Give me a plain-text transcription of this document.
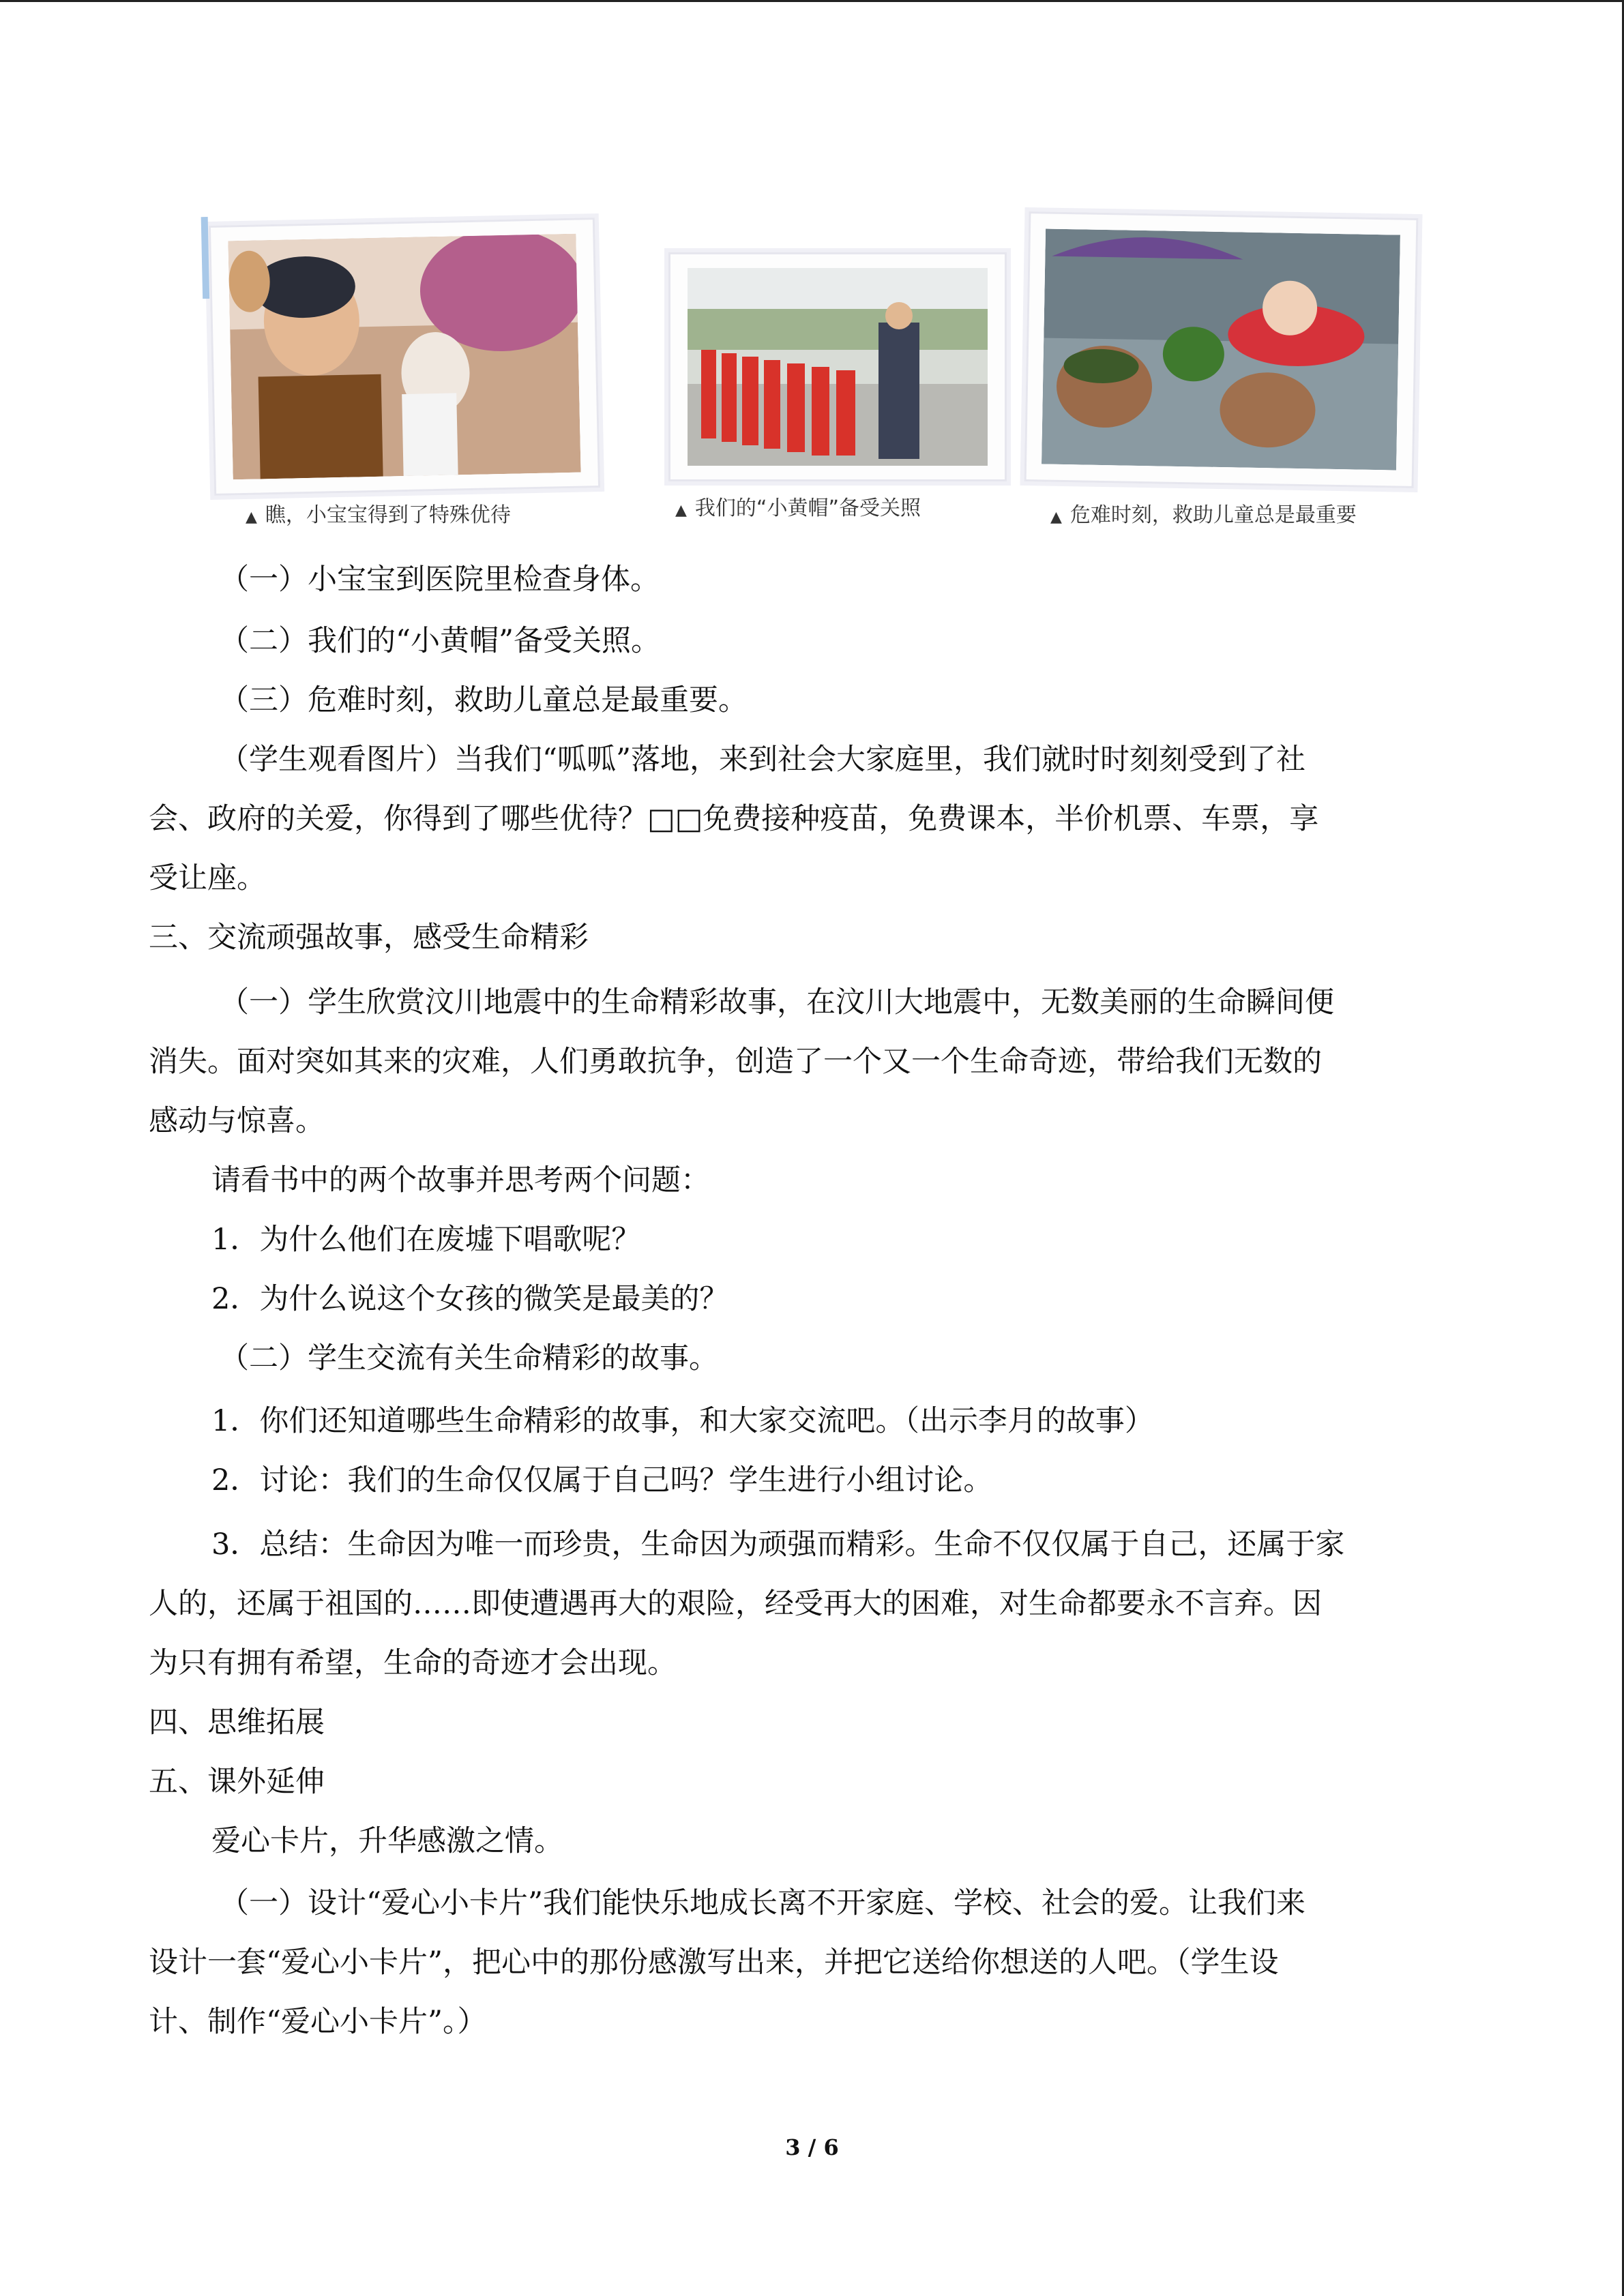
▲ 瞧，小宝宝得到了特殊优待	▲ 我们的“小黄帽”备受关照	▲ 危难时刻，救助儿童总是最重要
（一）小宝宝到医院里检查身体。
（二）我们的“小黄帽”备受关照。
（三）危难时刻，救助儿童总是最重要。
（学生观看图片）当我们“呱呱”落地，来到社会大家庭里，我们就时时刻刻受到了社
会、政府的关爱，你得到了哪些优待？□□免费接种疫苗，免费课本，半价机票、车票，享
受让座。
三、交流顽强故事，感受生命精彩
（一）学生欣赏汶川地震中的生命精彩故事，在汶川大地震中，无数美丽的生命瞬间便
消失。面对突如其来的灾难，人们勇敢抗争，创造了一个又一个生命奇迹，带给我们无数的
感动与惊喜。
请看书中的两个故事并思考两个问题：
1．为什么他们在废墟下唱歌呢？
2．为什么说这个女孩的微笑是最美的？
（二）学生交流有关生命精彩的故事。
1．你们还知道哪些生命精彩的故事，和大家交流吧。（出示李月的故事）
2．讨论：我们的生命仅仅属于自己吗？学生进行小组讨论。
3．总结：生命因为唯一而珍贵，生命因为顽强而精彩。生命不仅仅属于自己，还属于家
人的，还属于祖国的……即使遭遇再大的艰险，经受再大的困难，对生命都要永不言弃。因
为只有拥有希望，生命的奇迹才会出现。
四、思维拓展
五、课外延伸
爱心卡片，升华感激之情。
（一）设计“爱心小卡片”我们能快乐地成长离不开家庭、学校、社会的爱。让我们来
设计一套“爱心小卡片”，把心中的那份感激写出来，并把它送给你想送的人吧。（学生设
计、制作“爱心小卡片”。）
3 / 6
